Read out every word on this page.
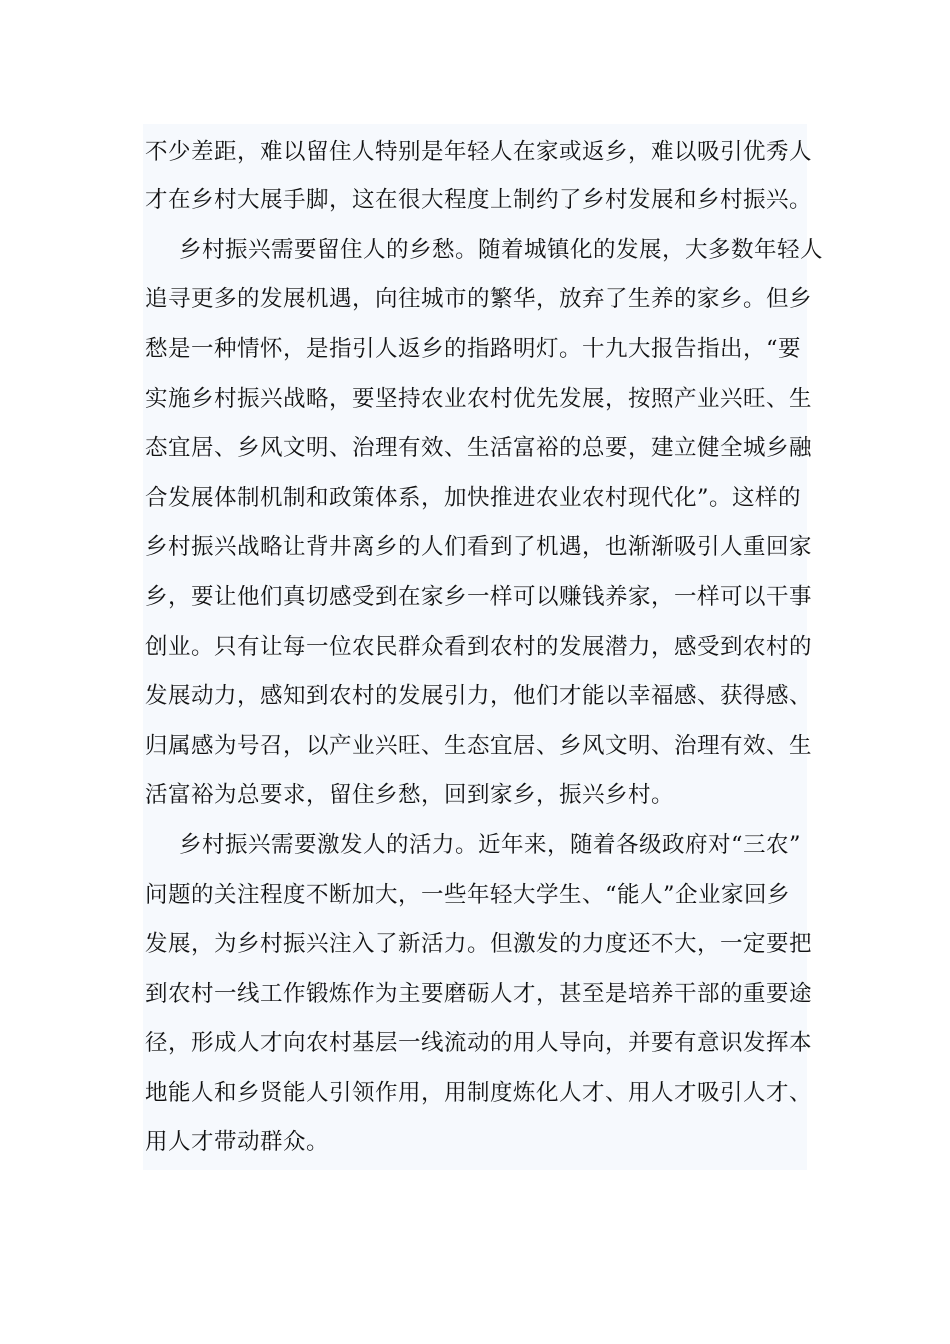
不少差距，难以留住人特别是年轻人在家或返乡，难以吸引优秀人
才在乡村大展手脚，这在很大程度上制约了乡村发展和乡村振兴。
乡村振兴需要留住人的乡愁。随着城镇化的发展，大多数年轻人
追寻更多的发展机遇，向往城市的繁华，放弃了生养的家乡。但乡
愁是一种情怀，是指引人返乡的指路明灯。十九大报告指出，“要
实施乡村振兴战略，要坚持农业农村优先发展，按照产业兴旺、生
态宜居、乡风文明、治理有效、生活富裕的总要，建立健全城乡融
合发展体制机制和政策体系，加快推进农业农村现代化”。这样的
乡村振兴战略让背井离乡的人们看到了机遇，也渐渐吸引人重回家
乡，要让他们真切感受到在家乡一样可以赚钱养家，一样可以干事
创业。只有让每一位农民群众看到农村的发展潜力，感受到农村的
发展动力，感知到农村的发展引力，他们才能以幸福感、获得感、
归属感为号召，以产业兴旺、生态宜居、乡风文明、治理有效、生
活富裕为总要求，留住乡愁，回到家乡，振兴乡村。
乡村振兴需要激发人的活力。近年来，随着各级政府对“三农”
问题的关注程度不断加大，一些年轻大学生、“能人”企业家回乡
发展，为乡村振兴注入了新活力。但激发的力度还不大，一定要把
到农村一线工作锻炼作为主要磨砺人才，甚至是培养干部的重要途
径，形成人才向农村基层一线流动的用人导向，并要有意识发挥本
地能人和乡贤能人引领作用，用制度炼化人才、用人才吸引人才、
用人才带动群众。
